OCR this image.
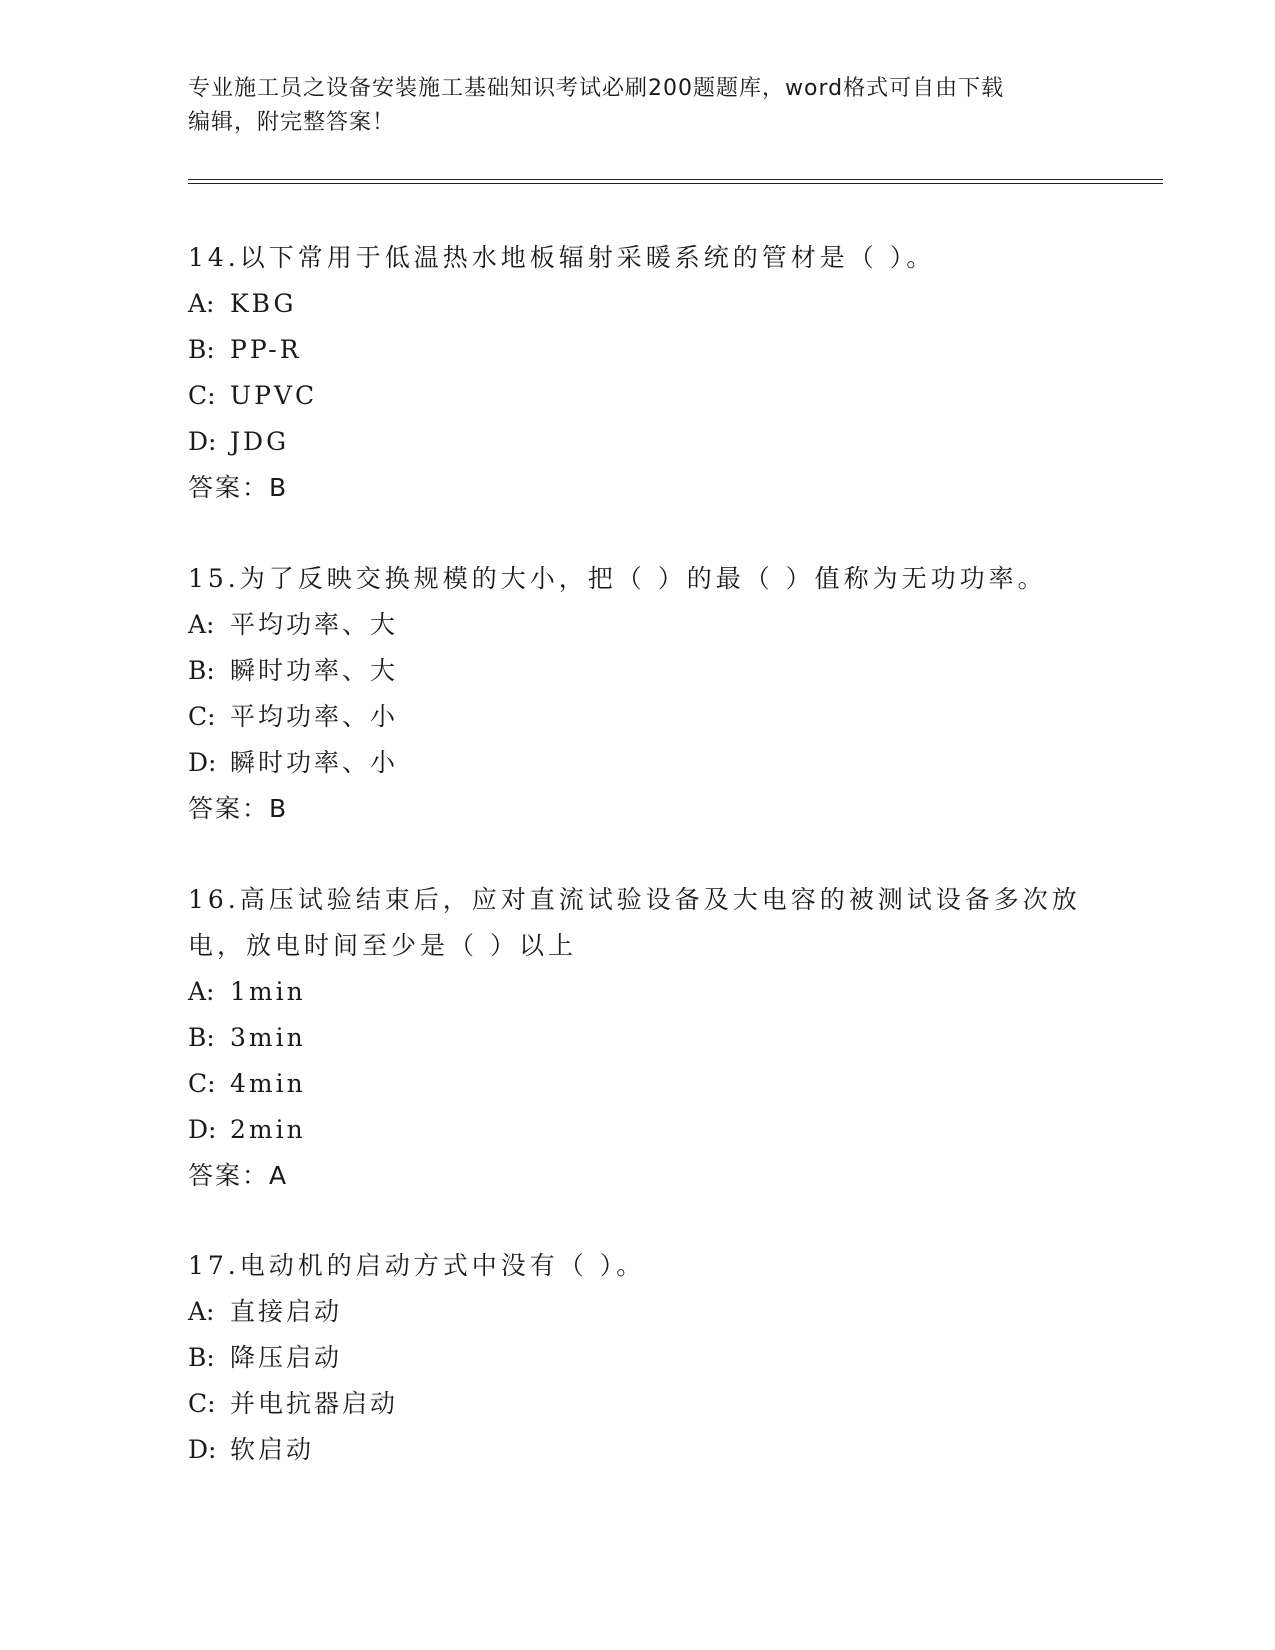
专业施工员之设备安装施工基础知识考试必刷200题题库，word格式可自由下载
编辑，附完整答案！

14.以下常用于低温热水地板辐射采暖系统的管材是（ ）。

A: KBG

B: PP-R

C: UPVC

D: JDG

答案：B

15.为了反映交换规模的大小，把（ ）的最（ ）值称为无功功率。

A: 平均功率、大

B: 瞬时功率、大

C: 平均功率、小

D: 瞬时功率、小

答案：B

16.高压试验结束后，应对直流试验设备及大电容的被测试设备多次放电，放电时间至少是（ ）以上

A: 1min

B: 3min

C: 4min

D: 2min

答案：A

17.电动机的启动方式中没有（ ）。

A: 直接启动

B: 降压启动

C: 并电抗器启动

D: 软启动
